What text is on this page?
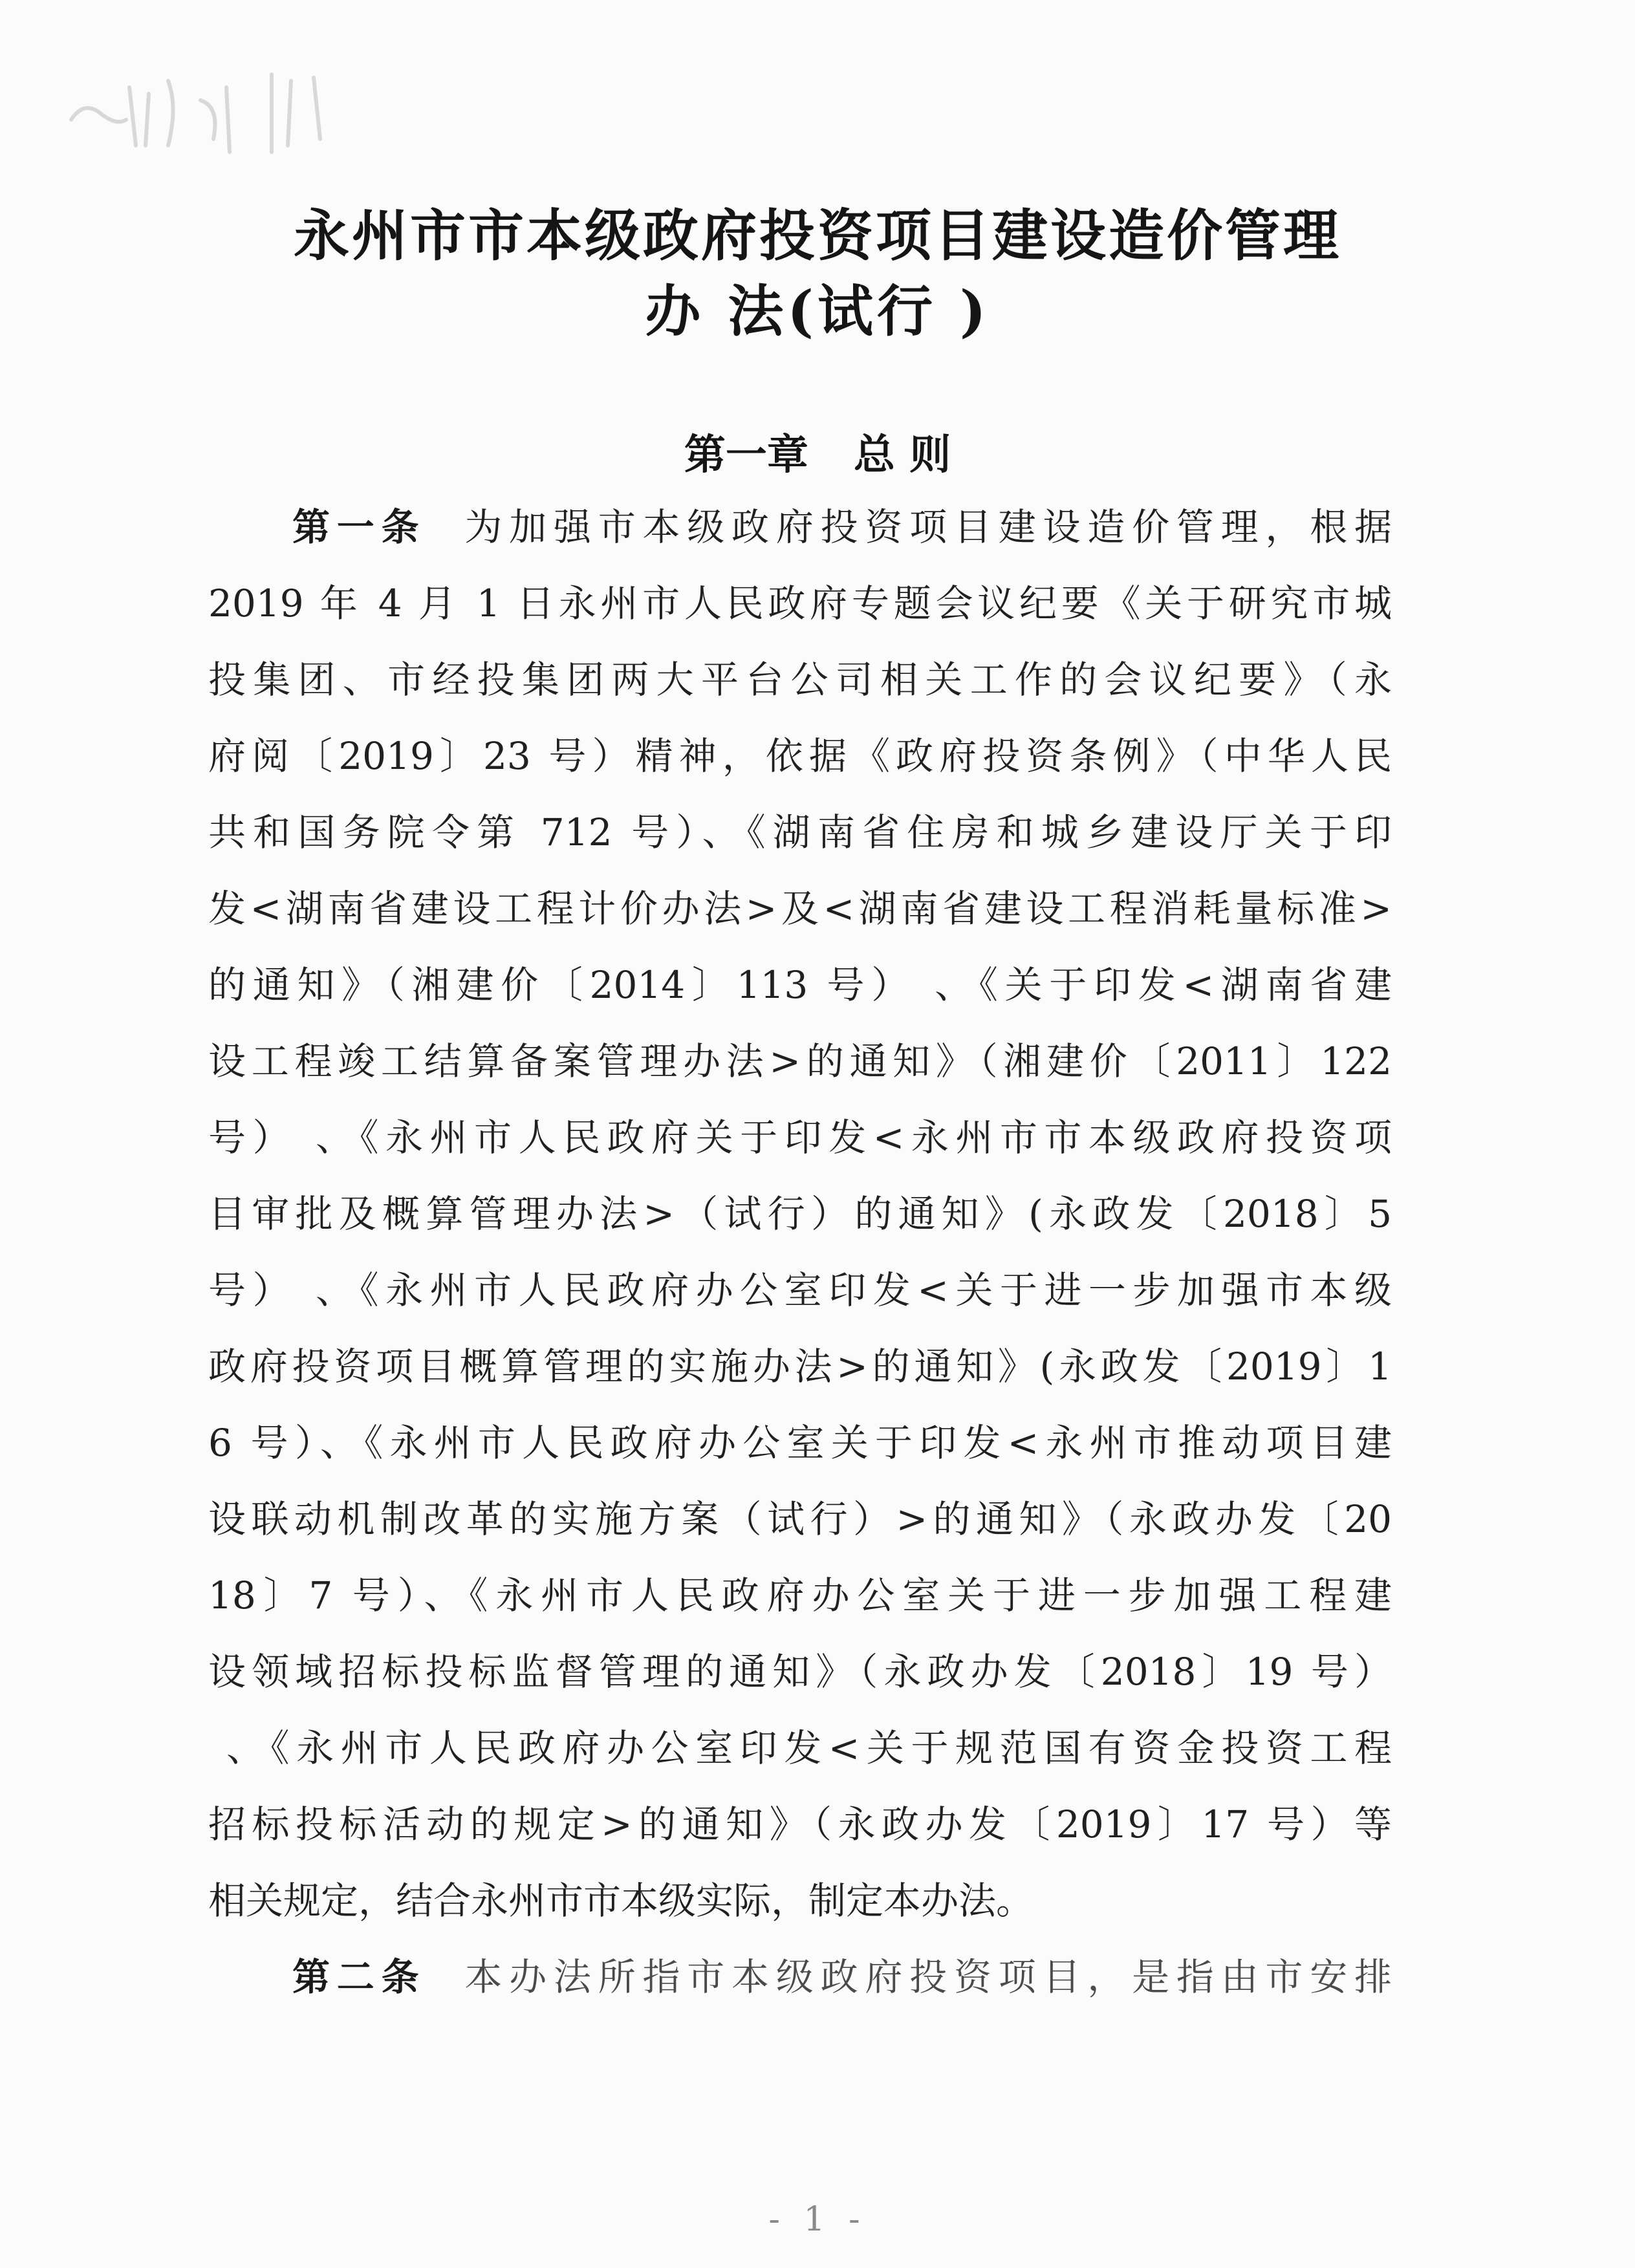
永州市市本级政府投资项目建设造价管理
办 法(试行 )
第一章 总 则
第一条 为加强市本级政府投资项目建设造价管理，根据
2019 年 4 月 1 日永州市人民政府专题会议纪要《关于研究市城
投集团、市经投集团两大平台公司相关工作的会议纪要》（永
府阅〔2019〕23 号）精神，依据《政府投资条例》（中华人民
共和国务院令第 712 号）、《湖南省住房和城乡建设厅关于印
发<湖南省建设工程计价办法>及<湖南省建设工程消耗量标准>
的通知》（湘建价〔2014〕113 号） 、《关于印发<湖南省建
设工程竣工结算备案管理办法>的通知》（湘建价〔2011〕122
号） 、《永州市人民政府关于印发<永州市市本级政府投资项
目审批及概算管理办法>（试行）的通知》(永政发〔2018〕5
号） 、《永州市人民政府办公室印发<关于进一步加强市本级
政府投资项目概算管理的实施办法>的通知》(永政发〔2019〕1
6 号）、《永州市人民政府办公室关于印发<永州市推动项目建
设联动机制改革的实施方案（试行）>的通知》（永政办发〔20
18〕7 号）、《永州市人民政府办公室关于进一步加强工程建
设领域招标投标监督管理的通知》（永政办发〔2018〕19 号）
、《永州市人民政府办公室印发<关于规范国有资金投资工程
招标投标活动的规定>的通知》（永政办发〔2019〕17 号）等
相关规定，结合永州市市本级实际，制定本办法。
第二条 本办法所指市本级政府投资项目，是指由市安排
- 1 -
